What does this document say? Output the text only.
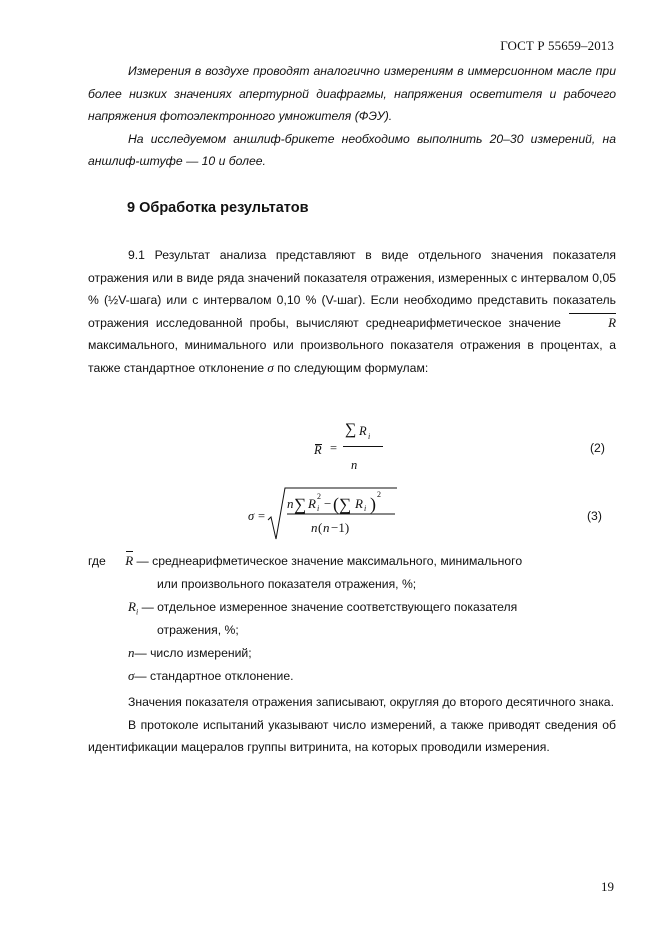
ГОСТ Р 55659–2013

Измерения в воздухе проводят аналогично измерениям в иммерсионном масле при более низких значениях апертурной диафрагмы, напряжения осветителя и рабочего напряжения фотоэлектронного умножителя (ФЭУ).

На исследуемом аншлиф-брикете необходимо выполнить 20–30 измерений, на аншлиф-штуфе — 10 и более.

9 Обработка результатов

9.1 Результат анализа представляют в виде отдельного значения показателя отражения или в виде ряда значений показателя отражения, измеренных с интервалом 0,05 % (½V-шага) или с интервалом 0,10 % (V-шаг). Если необходимо представить показатель отражения исследованной пробы, вычисляют среднеарифметическое значение	R максимального, минимального или произвольного показателя отражения в процентах, а также стандартное отклонение σ по следующим формулам:

R =
∑ R i
n
(2)
σ =
n ∑ R 2
i − ( ∑ R i ) 2
n ( n −1)
(3)
где R — среднеарифметическое значение максимального, минимального
или произвольного показателя отражения, %;
$R_i$ — отдельное измеренное значение соответствующего показателя
отражения, %;
n— число измерений;
σ— стандартное отклонение.

Значения показателя отражения записывают, округляя до второго десятичного знака.

В протоколе испытаний указывают число измерений, а также приводят сведения об идентификации мацералов группы витринита, на которых проводили измерения.

19
